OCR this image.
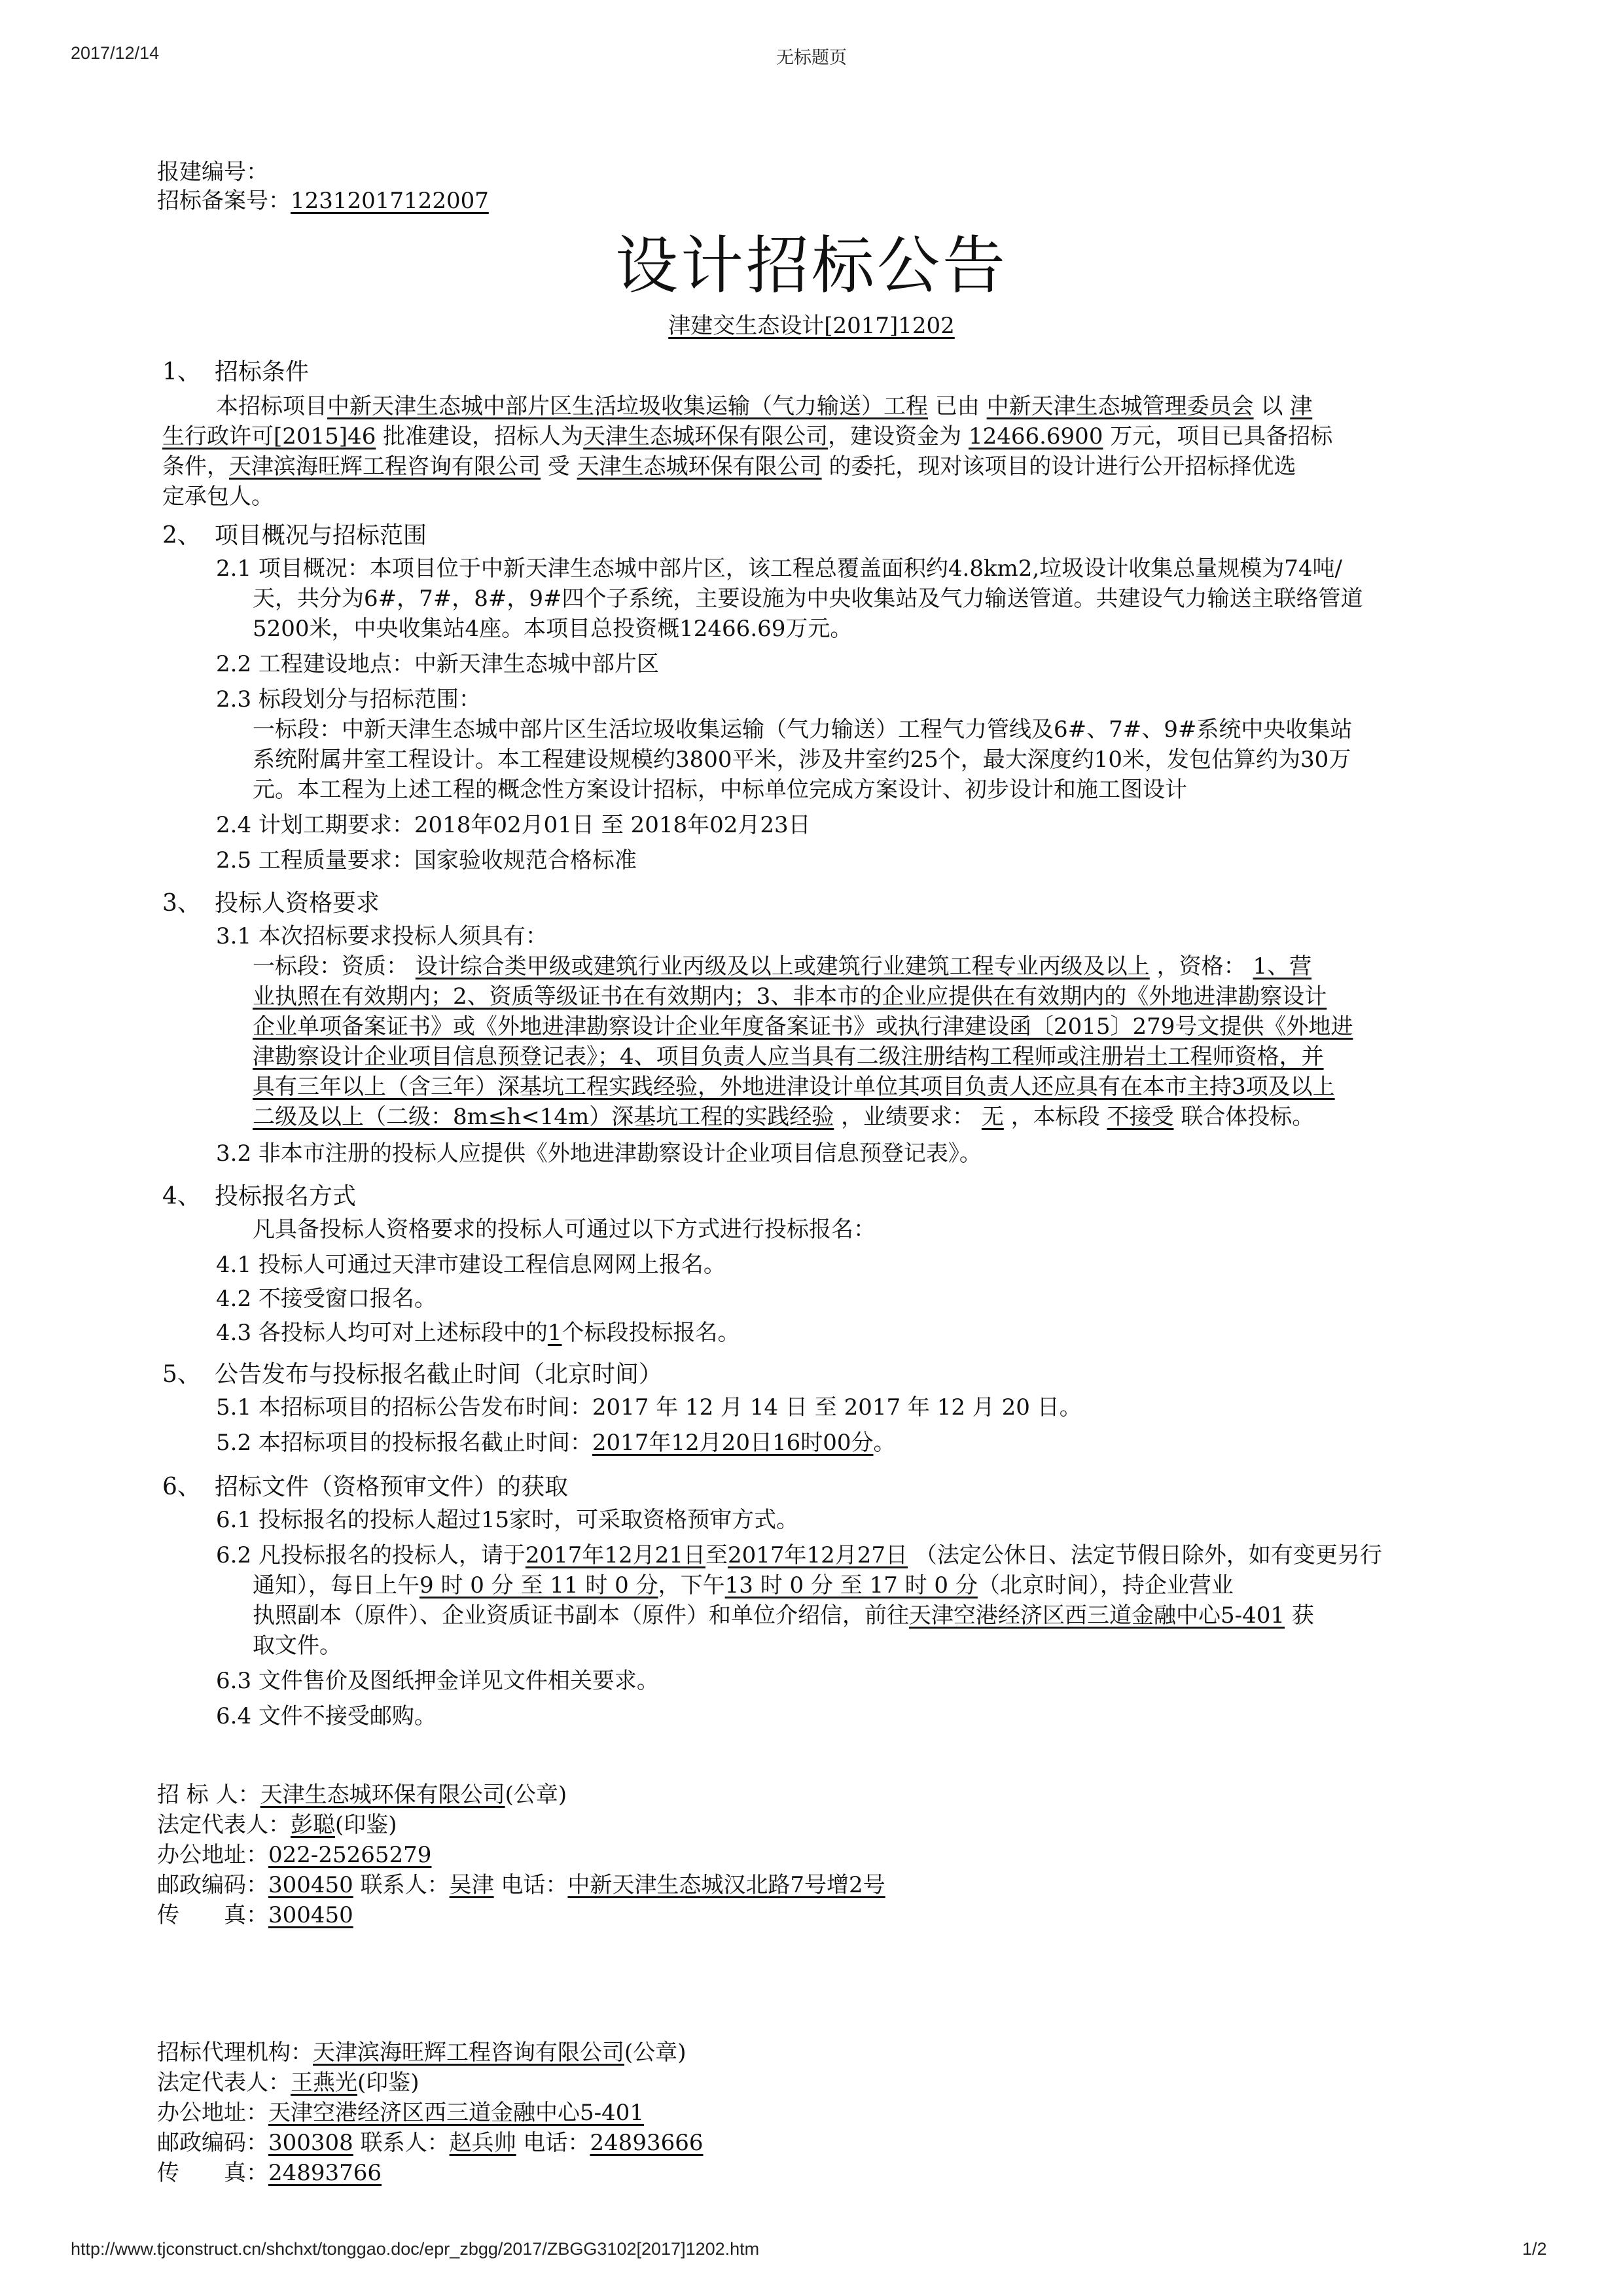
2017/12/14	无标题页
报建编号：
招标备案号：12312017122007
设计招标公告
津建交生态设计[2017]1202
1、 招标条件
本招标项目中新天津生态城中部片区生活垃圾收集运输（气力输送）工程 已由 中新天津生态城管理委员会 以 津
生行政许可[2015]46 批准建设，招标人为天津生态城环保有限公司，建设资金为 12466.6900 万元，项目已具备招标
条件，天津滨海旺辉工程咨询有限公司 受 天津生态城环保有限公司 的委托，现对该项目的设计进行公开招标择优选
定承包人。
2、 项目概况与招标范围
2.1 项目概况：本项目位于中新天津生态城中部片区，该工程总覆盖面积约4.8km2,垃圾设计收集总量规模为74吨/
天，共分为6#，7#，8#，9#四个子系统，主要设施为中央收集站及气力输送管道。共建设气力输送主联络管道
5200米，中央收集站4座。本项目总投资概12466.69万元。
2.2 工程建设地点：中新天津生态城中部片区
2.3 标段划分与招标范围：
一标段：中新天津生态城中部片区生活垃圾收集运输（气力输送）工程气力管线及6#、7#、9#系统中央收集站
系统附属井室工程设计。本工程建设规模约3800平米，涉及井室约25个，最大深度约10米，发包估算约为30万
元。本工程为上述工程的概念性方案设计招标，中标单位完成方案设计、初步设计和施工图设计
2.4 计划工期要求：2018年02月01日 至 2018年02月23日
2.5 工程质量要求：国家验收规范合格标准
3、 投标人资格要求
3.1 本次招标要求投标人须具有：
一标段：资质： 设计综合类甲级或建筑行业丙级及以上或建筑行业建筑工程专业丙级及以上 ，资格： 1、营
业执照在有效期内；2、资质等级证书在有效期内；3、非本市的企业应提供在有效期内的《外地进津勘察设计
企业单项备案证书》或《外地进津勘察设计企业年度备案证书》或执行津建设函〔2015〕279号文提供《外地进
津勘察设计企业项目信息预登记表》；4、项目负责人应当具有二级注册结构工程师或注册岩土工程师资格，并
具有三年以上（含三年）深基坑工程实践经验，外地进津设计单位其项目负责人还应具有在本市主持3项及以上
二级及以上（二级：8m≤h<14m）深基坑工程的实践经验 ，业绩要求： 无 ，本标段 不接受 联合体投标。
3.2 非本市注册的投标人应提供《外地进津勘察设计企业项目信息预登记表》。
4、 投标报名方式
凡具备投标人资格要求的投标人可通过以下方式进行投标报名：
4.1 投标人可通过天津市建设工程信息网网上报名。
4.2 不接受窗口报名。
4.3 各投标人均可对上述标段中的1个标段投标报名。
5、 公告发布与投标报名截止时间（北京时间）
5.1 本招标项目的招标公告发布时间：2017 年 12 月 14 日 至 2017 年 12 月 20 日。
5.2 本招标项目的投标报名截止时间：2017年12月20日16时00分。
6、 招标文件（资格预审文件）的获取
6.1 投标报名的投标人超过15家时，可采取资格预审方式。
6.2 凡投标报名的投标人，请于2017年12月21日至2017年12月27日 （法定公休日、法定节假日除外，如有变更另行
通知），每日上午9 时 0 分 至 11 时 0 分，下午13 时 0 分 至 17 时 0 分（北京时间），持企业营业
执照副本（原件）、企业资质证书副本（原件）和单位介绍信，前往天津空港经济区西三道金融中心5-401 获
取文件。
6.3 文件售价及图纸押金详见文件相关要求。
6.4 文件不接受邮购。
招 标 人：天津生态城环保有限公司(公章)
法定代表人：彭聪(印鉴)
办公地址：022-25265279
邮政编码：300450 联系人：吴津 电话：中新天津生态城汉北路7号增2号
传　　真：300450
招标代理机构：天津滨海旺辉工程咨询有限公司(公章)
法定代表人：王燕光(印鉴)
办公地址：天津空港经济区西三道金融中心5-401
邮政编码：300308 联系人：赵兵帅 电话：24893666
传　　真：24893766
http://www.tjconstruct.cn/shchxt/tonggao.doc/epr_zbgg/2017/ZBGG3102[2017]1202.htm	1/2
